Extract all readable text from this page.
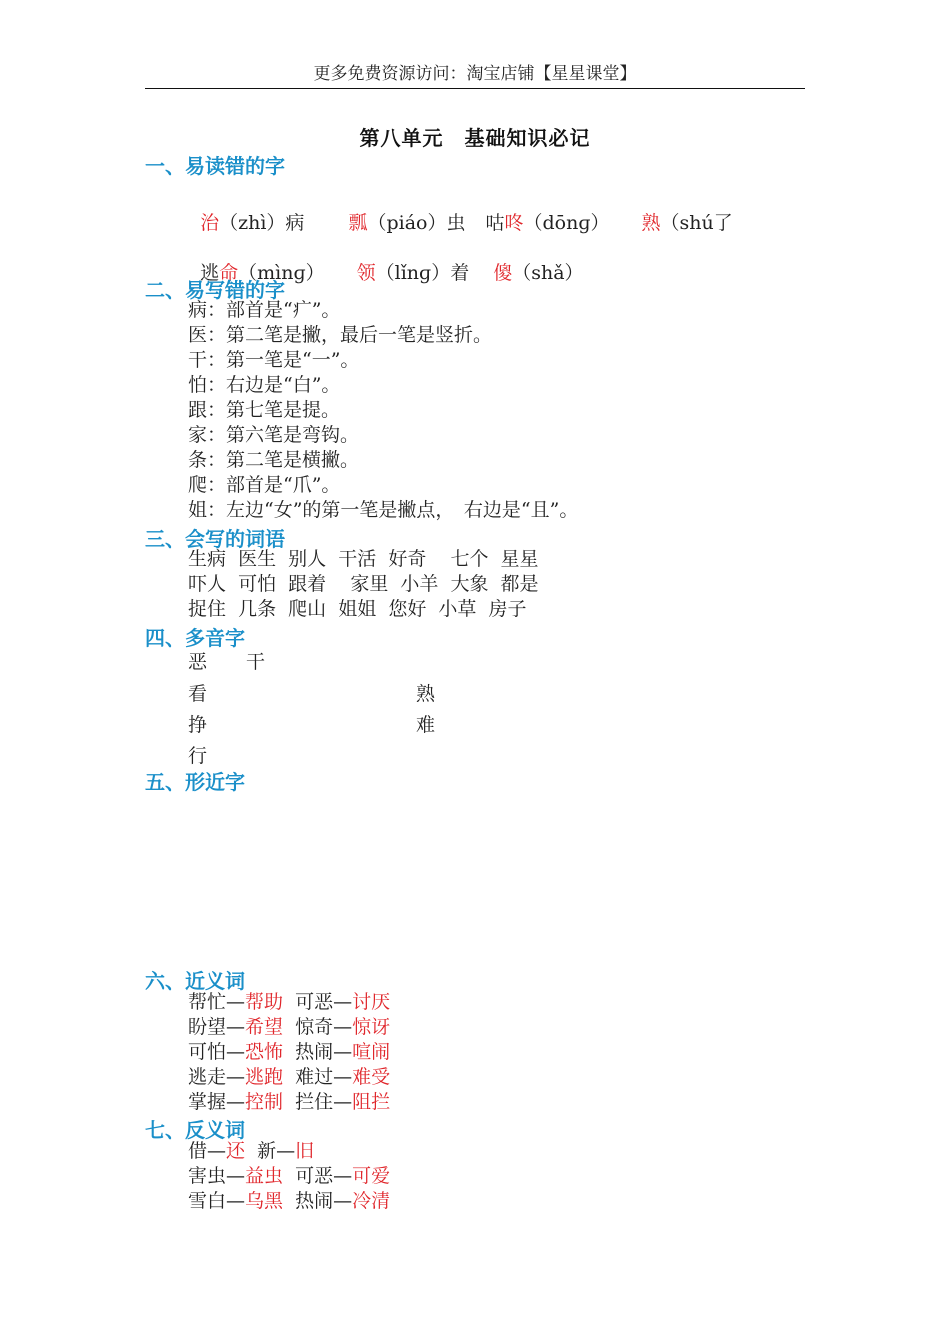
更多免费资源访问：淘宝店铺【星星课堂】
第八单元　基础知识必记
一、易读错的字

治（zhì）病 瓢（piáo）虫 咕咚（dōnɡ） 熟（shú了

逃命（mìnɡ） 领（lǐnɡ）着 傻（shǎ）

二、易写错的字
病：部首是“疒”。
医：第二笔是撇，最后一笔是竖折。
干：第一笔是“一”。
怕：右边是“白”。
跟：第七笔是提。
家：第六笔是弯钩。
条：第二笔是横撇。
爬：部首是“爪”。
姐：左边“女”的第一笔是撇点，　右边是“且”。
三、会写的词语
生病  医生  别人  干活  好奇    七个  星星
吓人  可怕  跟着    家里  小羊  大象  都是
捉住  几条  爬山  姐姐  您好  小草  房子
四、多音字
恶 干
看	熟
挣	难
行
五、形近字
六、近义词
帮忙—帮助 可恶—讨厌
盼望—希望 惊奇—惊讶
可怕—恐怖 热闹—喧闹
逃走—逃跑 难过—难受
掌握—控制 拦住—阻拦
七、反义词
借—还 新—旧
害虫—益虫 可恶—可爱
雪白—乌黑 热闹—冷清
